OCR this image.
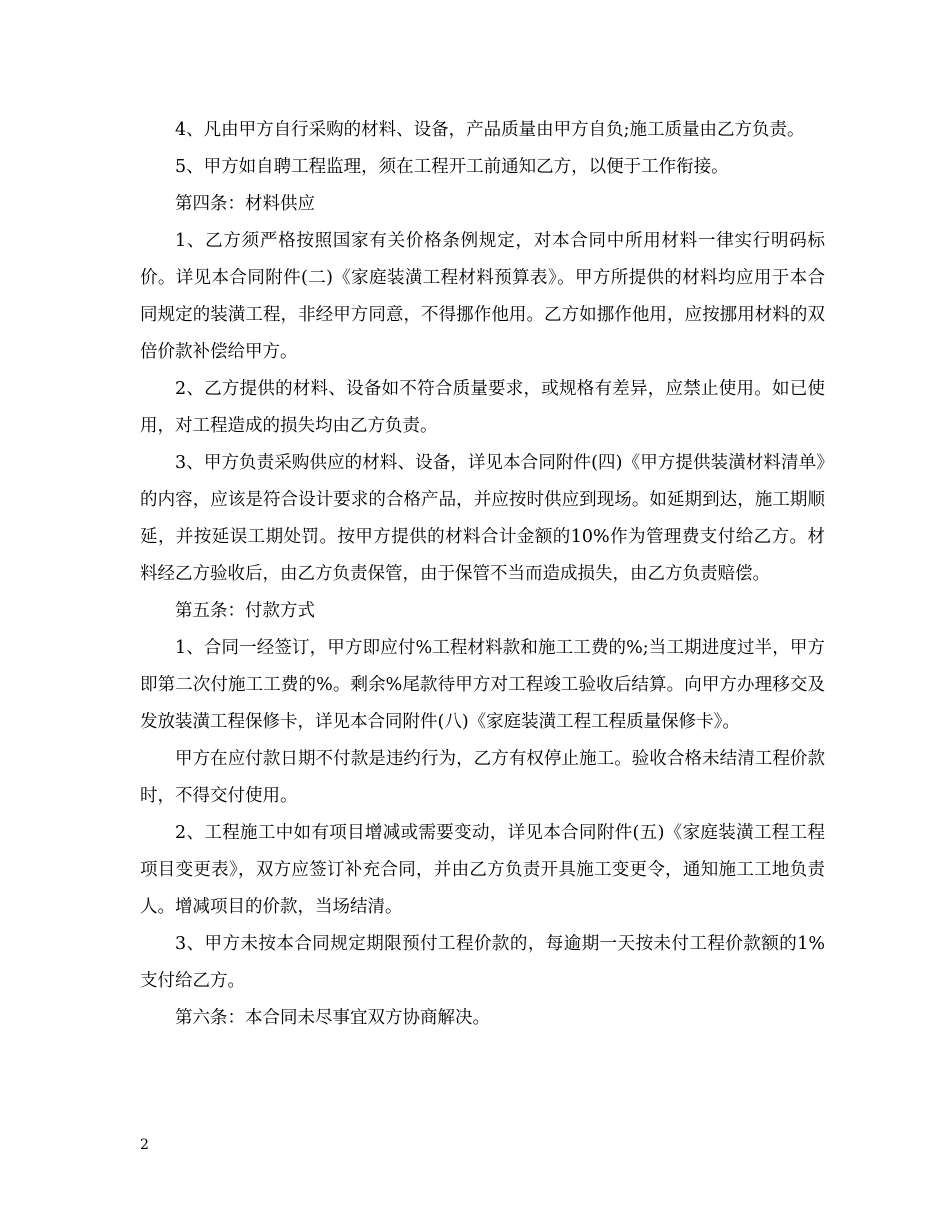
4、凡由甲方自行采购的材料、设备，产品质量由甲方自负;施工质量由乙方负责。

5、甲方如自聘工程监理，须在工程开工前通知乙方，以便于工作衔接。

第四条：材料供应

1、乙方须严格按照国家有关价格条例规定，对本合同中所用材料一律实行明码标价。详见本合同附件(二)《家庭装潢工程材料预算表》。甲方所提供的材料均应用于本合同规定的装潢工程，非经甲方同意，不得挪作他用。乙方如挪作他用，应按挪用材料的双倍价款补偿给甲方。

2、乙方提供的材料、设备如不符合质量要求，或规格有差异，应禁止使用。如已使用，对工程造成的损失均由乙方负责。

3、甲方负责采购供应的材料、设备，详见本合同附件(四)《甲方提供装潢材料清单》的内容，应该是符合设计要求的合格产品，并应按时供应到现场。如延期到达，施工期顺延，并按延误工期处罚。按甲方提供的材料合计金额的10%作为管理费支付给乙方。材料经乙方验收后，由乙方负责保管，由于保管不当而造成损失，由乙方负责赔偿。

第五条：付款方式

1、合同一经签订，甲方即应付%工程材料款和施工工费的%;当工期进度过半，甲方即第二次付施工工费的%。剩余%尾款待甲方对工程竣工验收后结算。向甲方办理移交及发放装潢工程保修卡，详见本合同附件(八)《家庭装潢工程工程质量保修卡》。

甲方在应付款日期不付款是违约行为，乙方有权停止施工。验收合格未结清工程价款时，不得交付使用。

2、工程施工中如有项目增减或需要变动，详见本合同附件(五)《家庭装潢工程工程项目变更表》，双方应签订补充合同，并由乙方负责开具施工变更令，通知施工工地负责人。增减项目的价款，当场结清。

3、甲方未按本合同规定期限预付工程价款的，每逾期一天按未付工程价款额的1%支付给乙方。

第六条：本合同未尽事宜双方协商解决。

2
